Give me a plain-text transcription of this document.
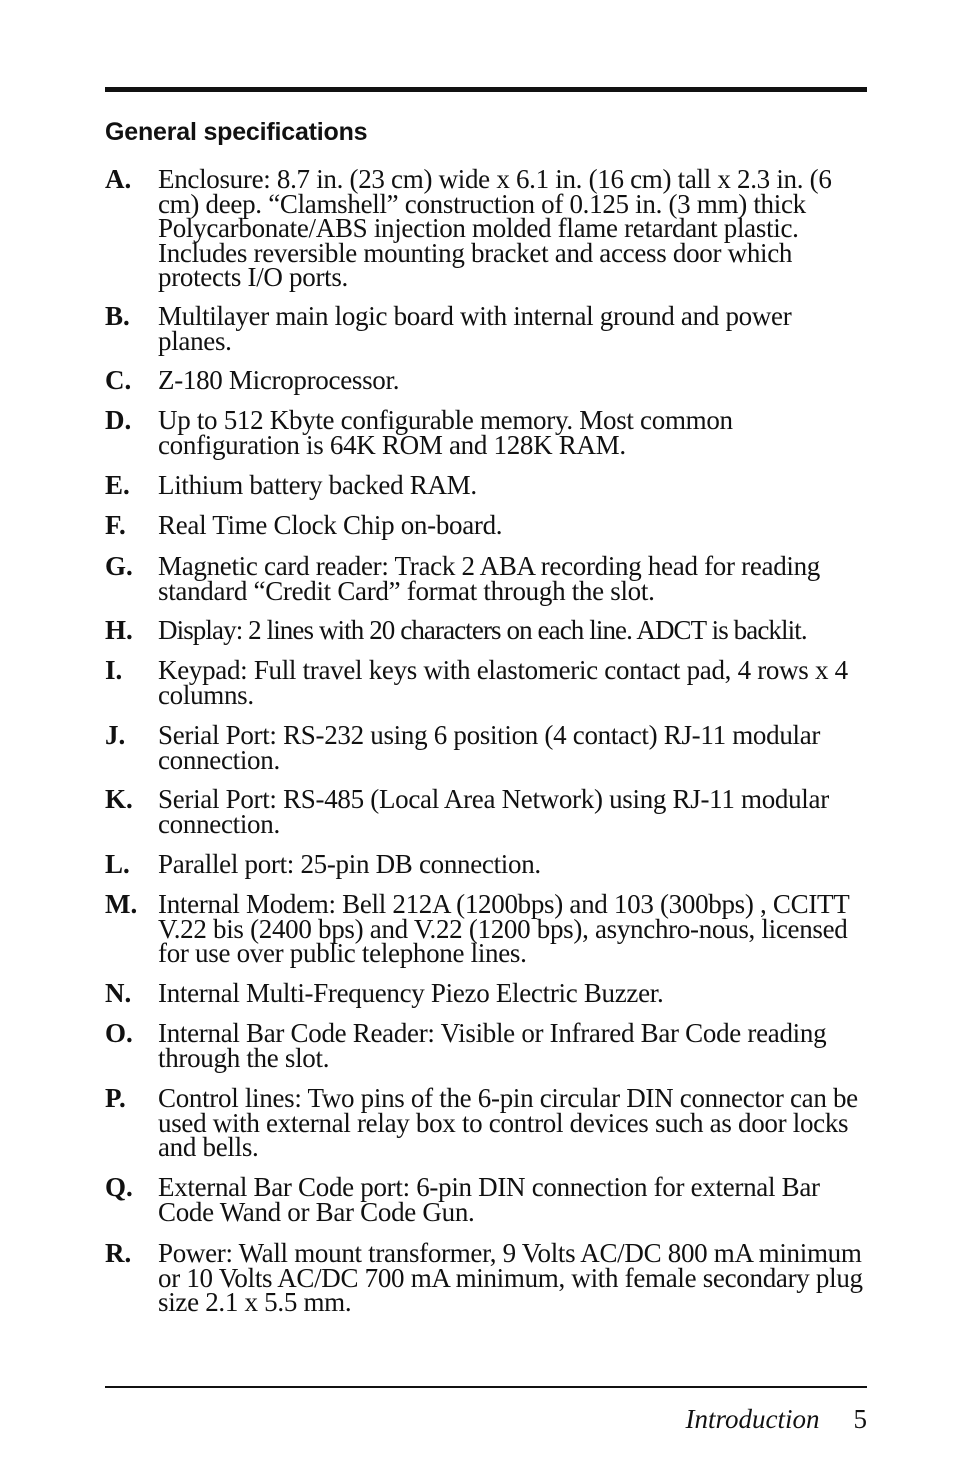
General specifications
A. Enclosure: 8.7 in. (23 cm) wide x 6.1 in. (16 cm) tall x 2.3 in. (6 cm) deep. “Clamshell” construction of 0.125 in. (3 mm) thick Polycarbonate/ABS injection molded flame retardant plastic. Includes reversible mounting bracket and access door which protects I/O ports.
B. Multilayer main logic board with internal ground and power planes.
C. Z-180 Microprocessor.
D. Up to 512 Kbyte configurable memory. Most common configuration is 64K ROM and 128K RAM.
E. Lithium battery backed RAM.
F. Real Time Clock Chip on-board.
G. Magnetic card reader: Track 2 ABA recording head for reading standard “Credit Card” format through the slot.
H. Display: 2 lines with 20 characters on each line. ADCT is backlit.
I. Keypad: Full travel keys with elastomeric contact pad, 4 rows x 4 columns.
J. Serial Port: RS-232 using 6 position (4 contact) RJ-11 modular connection.
K. Serial Port: RS-485 (Local Area Network) using RJ-11 modular connection.
L. Parallel port: 25-pin DB connection.
M. Internal Modem: Bell 212A (1200bps) and 103 (300bps) , CCITT V.22 bis (2400 bps) and V.22 (1200 bps), asynchro-nous, licensed for use over public telephone lines.
N. Internal Multi-Frequency Piezo Electric Buzzer.
O. Internal Bar Code Reader: Visible or Infrared Bar Code reading through the slot.
P. Control lines: Two pins of the 6-pin circular DIN connector can be used with external relay box to control devices such as door locks and bells.
Q. External Bar Code port: 6-pin DIN connection for external Bar Code Wand or Bar Code Gun.
R. Power: Wall mount transformer, 9 Volts AC/DC 800 mA minimum or 10 Volts AC/DC 700 mA minimum, with female secondary plug size 2.1 x 5.5 mm.
Introduction 5
